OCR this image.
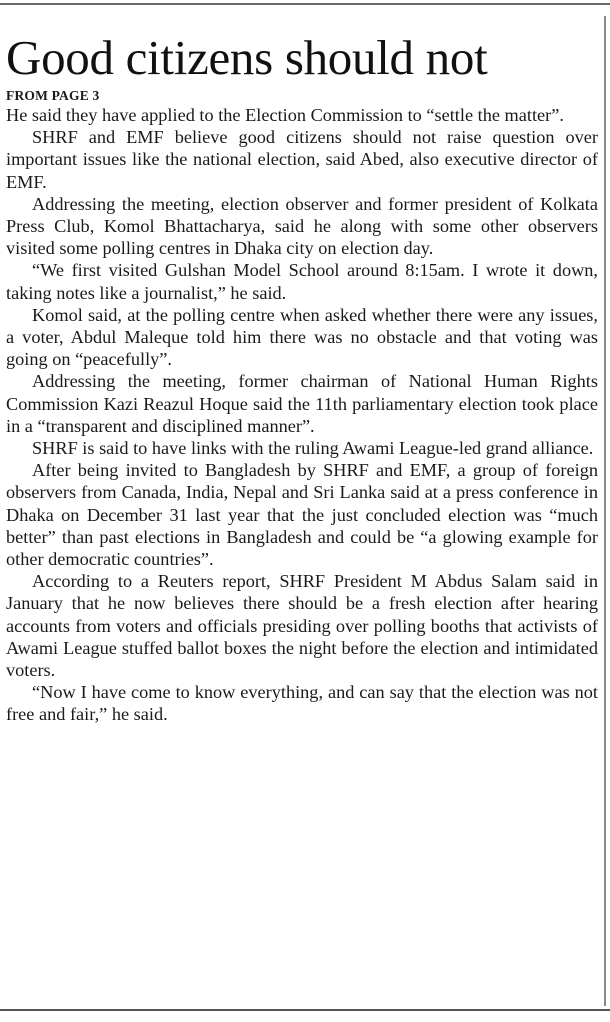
Good citizens should not
FROM PAGE 3

He said they have applied to the Election Commission to “settle the matter”.

SHRF and EMF believe good citizens should not raise question over important issues like the national election, said Abed, also executive director of EMF.

Addressing the meeting, election observer and former president of Kolkata Press Club, Komol Bhattacharya, said he along with some other observers visited some polling centres in Dhaka city on election day.

“We first visited Gulshan Model School around 8:15am. I wrote it down, taking notes like a journalist,” he said.

Komol said, at the polling centre when asked whether there were any issues, a voter, Abdul Maleque told him there was no obstacle and that voting was going on “peacefully”.

Addressing the meeting, former chairman of National Human Rights Commission Kazi Reazul Hoque said the 11th parliamentary election took place in a “transparent and disciplined manner”.

SHRF is said to have links with the ruling Awami League-led grand alliance.

After being invited to Bangladesh by SHRF and EMF, a group of foreign observers from Canada, India, Nepal and Sri Lanka said at a press conference in Dhaka on December 31 last year that the just concluded election was “much better” than past elections in Bangladesh and could be “a glowing example for other democratic countries”.

According to a Reuters report, SHRF President M Abdus Salam said in January that he now believes there should be a fresh election after hearing accounts from voters and officials presiding over polling booths that activists of Awami League stuffed ballot boxes the night before the election and intimidated voters.

“Now I have come to know everything, and can say that the election was not free and fair,” he said.
